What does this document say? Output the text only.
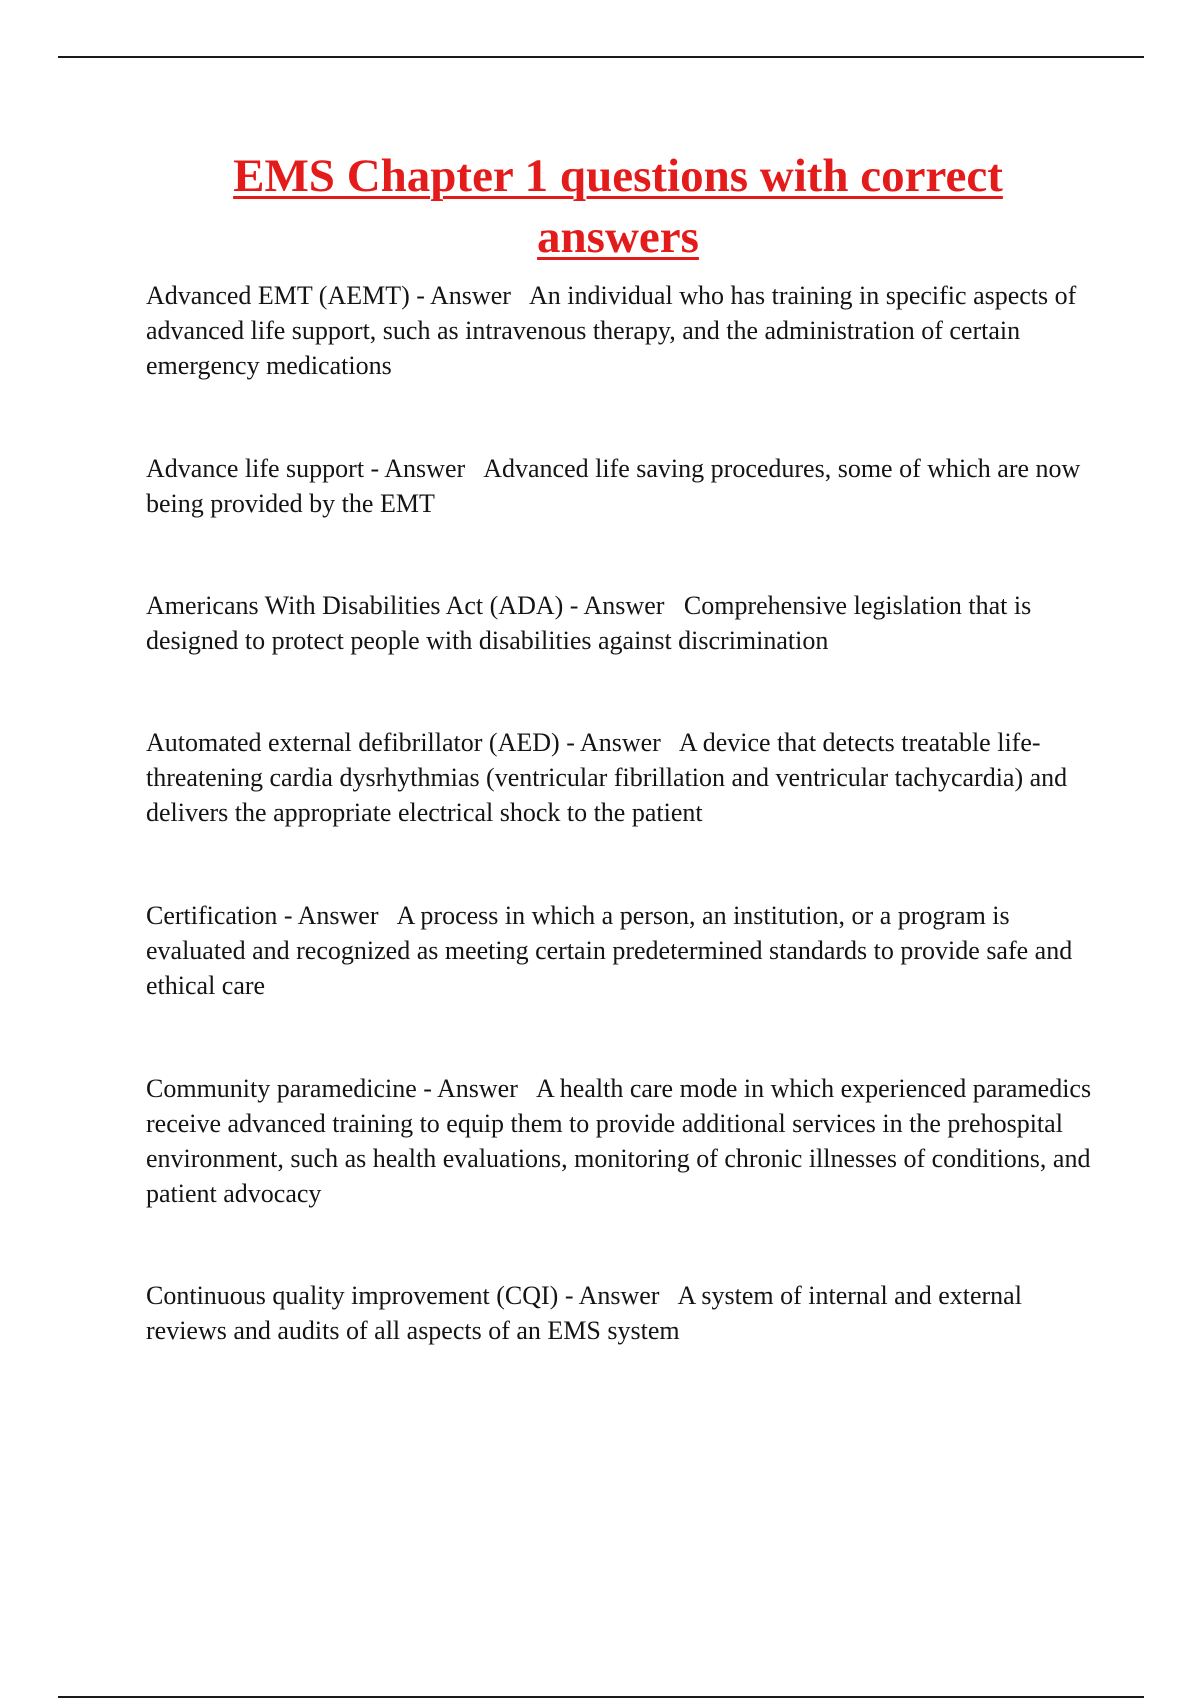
EMS Chapter 1 questions with correct answers

Advanced EMT (AEMT) - Answer An individual who has training in specific aspects of advanced life support, such as intravenous therapy, and the administration of certain emergency medications

Advance life support - Answer Advanced life saving procedures, some of which are now being provided by the EMT

Americans With Disabilities Act (ADA) - Answer Comprehensive legislation that is designed to protect people with disabilities against discrimination

Automated external defibrillator (AED) - Answer A device that detects treatable life-threatening cardia dysrhythmias (ventricular fibrillation and ventricular tachycardia) and delivers the appropriate electrical shock to the patient

Certification - Answer A process in which a person, an institution, or a program is evaluated and recognized as meeting certain predetermined standards to provide safe and ethical care

Community paramedicine - Answer A health care mode in which experienced paramedics receive advanced training to equip them to provide additional services in the prehospital environment, such as health evaluations, monitoring of chronic illnesses of conditions, and patient advocacy

Continuous quality improvement (CQI) - Answer A system of internal and external reviews and audits of all aspects of an EMS system
